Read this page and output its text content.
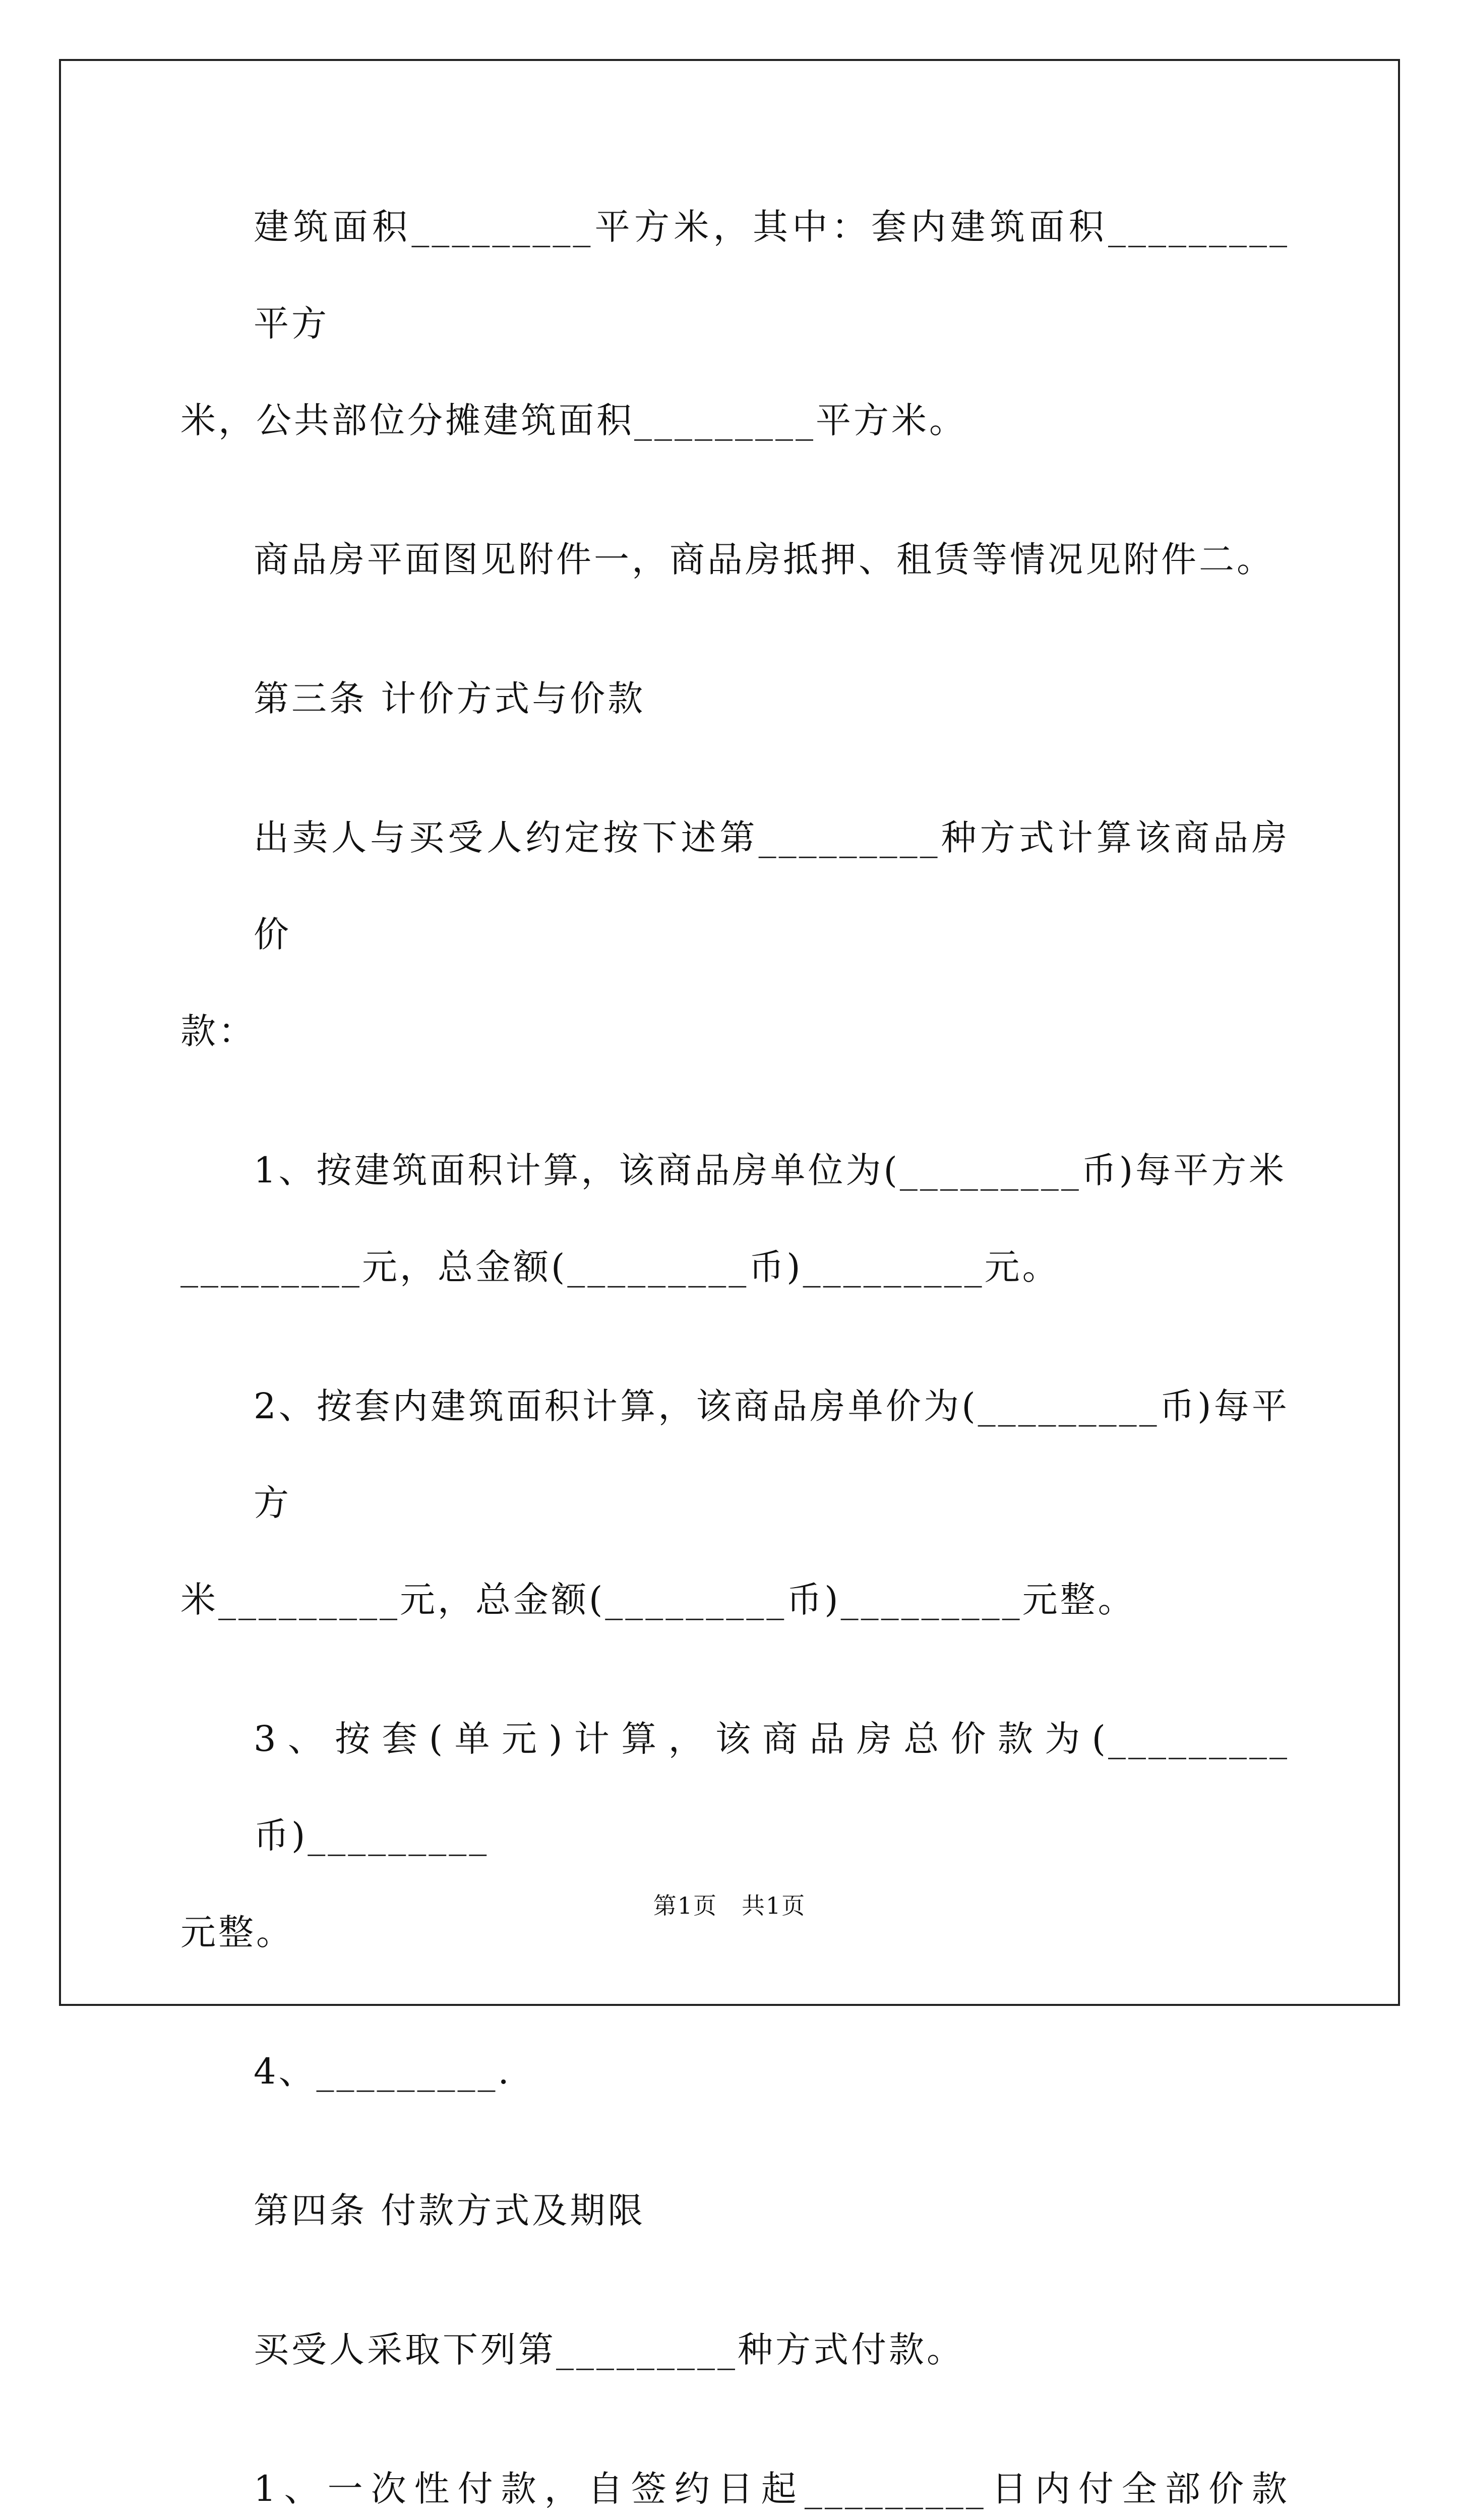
建筑面积_________平方米，其中：套内建筑面积_________平方
米，公共部位分摊建筑面积_________平方米。

商品房平面图见附件一，商品房抵押、租赁等情况见附件二。

第三条 计价方式与价款

出卖人与买受人约定按下述第_________种方式计算该商品房价
款：

1、按建筑面积计算，该商品房单位为(_________币)每平方米
_________元，总金额(_________币)_________元。

2、按套内建筑面积计算，该商品房单价为(_________币)每平方
米_________元，总金额(_________币)_________元整。

3、按套(单元)计算，该商品房总价款为(_________币)_________
元整。

4、_________.

第四条 付款方式及期限

买受人采取下列第_________种方式付款。

1、一次性付款，自签约日起_________日内付全部价款

第1页　共1页
